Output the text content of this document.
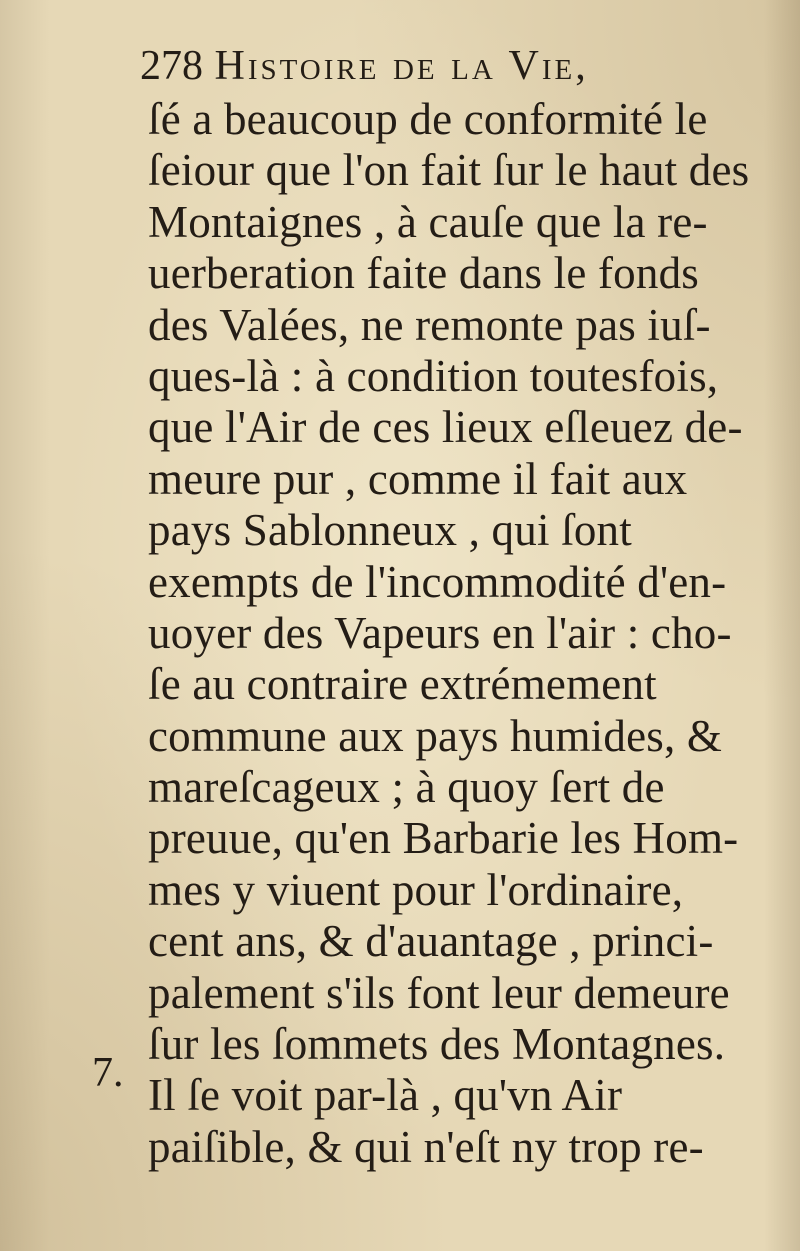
278 Histoire de la Vie,
ſé a beaucoup de conformité le
ſeiour que l'on fait ſur le haut des
Montaignes , à cauſe que la re-
uerberation faite dans le fonds
des Valées, ne remonte pas iuſ-
ques-là : à condition toutesfois,
que l'Air de ces lieux eſleuez de-
meure pur , comme il fait aux
pays Sablonneux , qui ſont
exempts de l'incommodité d'en-
uoyer des Vapeurs en l'air : cho-
ſe au contraire extrémement
commune aux pays humides, &
mareſcageux ; à quoy ſert de
preuue, qu'en Barbarie les Hom-
mes y viuent pour l'ordinaire,
cent ans, & d'auantage , princi-
palement s'ils font leur demeure
ſur les ſommets des Montagnes.
Il ſe voit par-là , qu'vn Air
paiſible, & qui n'eſt ny trop re-
7.
